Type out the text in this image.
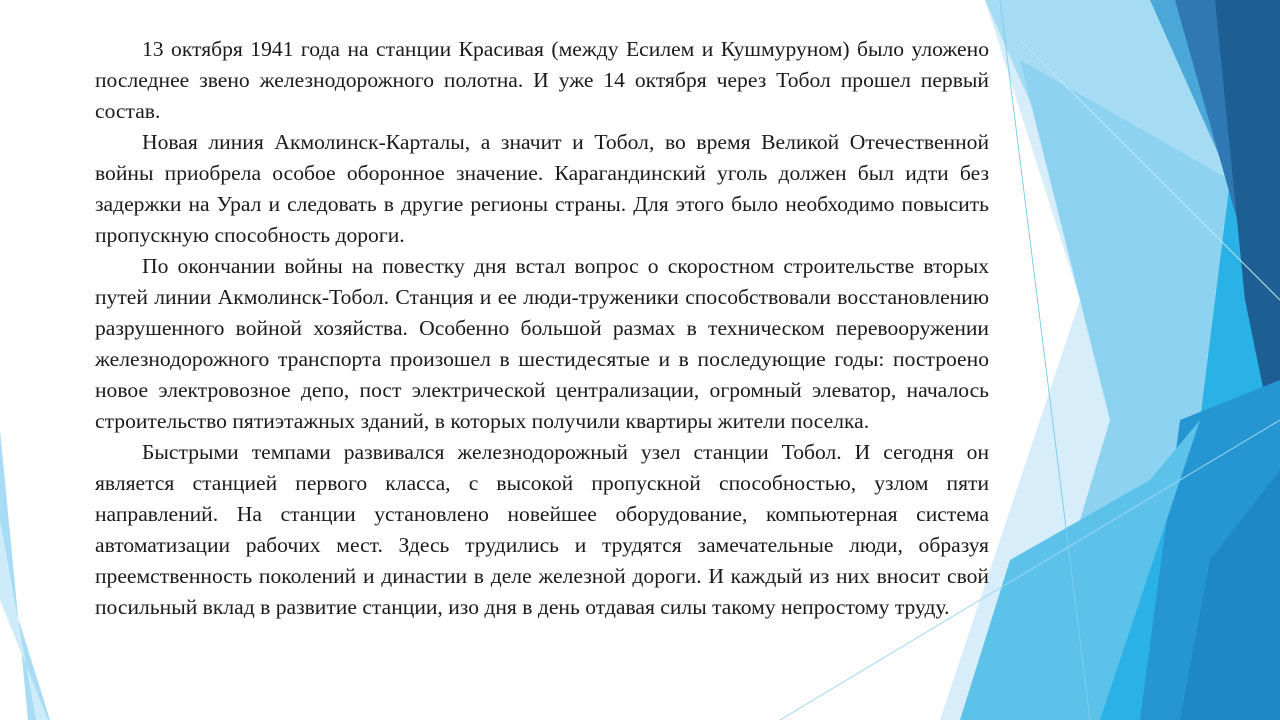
13 октября 1941 года на станции Красивая (между Есилем и Кушмуруном) было уложено последнее звено железнодорожного полотна. И уже 14 октября через Тобол прошел первый состав.

Новая линия Акмолинск-Карталы, а значит и Тобол, во время Великой Отечественной войны приобрела особое оборонное значение. Карагандинский уголь должен был идти без задержки на Урал и следовать в другие регионы страны. Для этого было необходимо повысить пропускную способность дороги.

По окончании войны на повестку дня встал вопрос о скоростном строительстве вторых путей линии Акмолинск-Тобол. Станция и ее люди-труженики способствовали восстановлению разрушенного войной хозяйства. Особенно большой размах в техническом перевооружении железнодорожного транспорта произошел в шестидесятые и в последующие годы: построено новое электровозное депо, пост электрической централизации, огромный элеватор, началось строительство пятиэтажных зданий, в которых получили квартиры жители поселка.

Быстрыми темпами развивался железнодорожный узел станции Тобол. И сегодня он является станцией первого класса, с высокой пропускной способностью, узлом пяти направлений. На станции установлено новейшее оборудование, компьютерная система автоматизации рабочих мест. Здесь трудились и трудятся замечательные люди, образуя преемственность поколений и династии в деле железной дороги. И каждый из них вносит свой посильный вклад в развитие станции, изо дня в день отдавая силы такому непростому труду.
